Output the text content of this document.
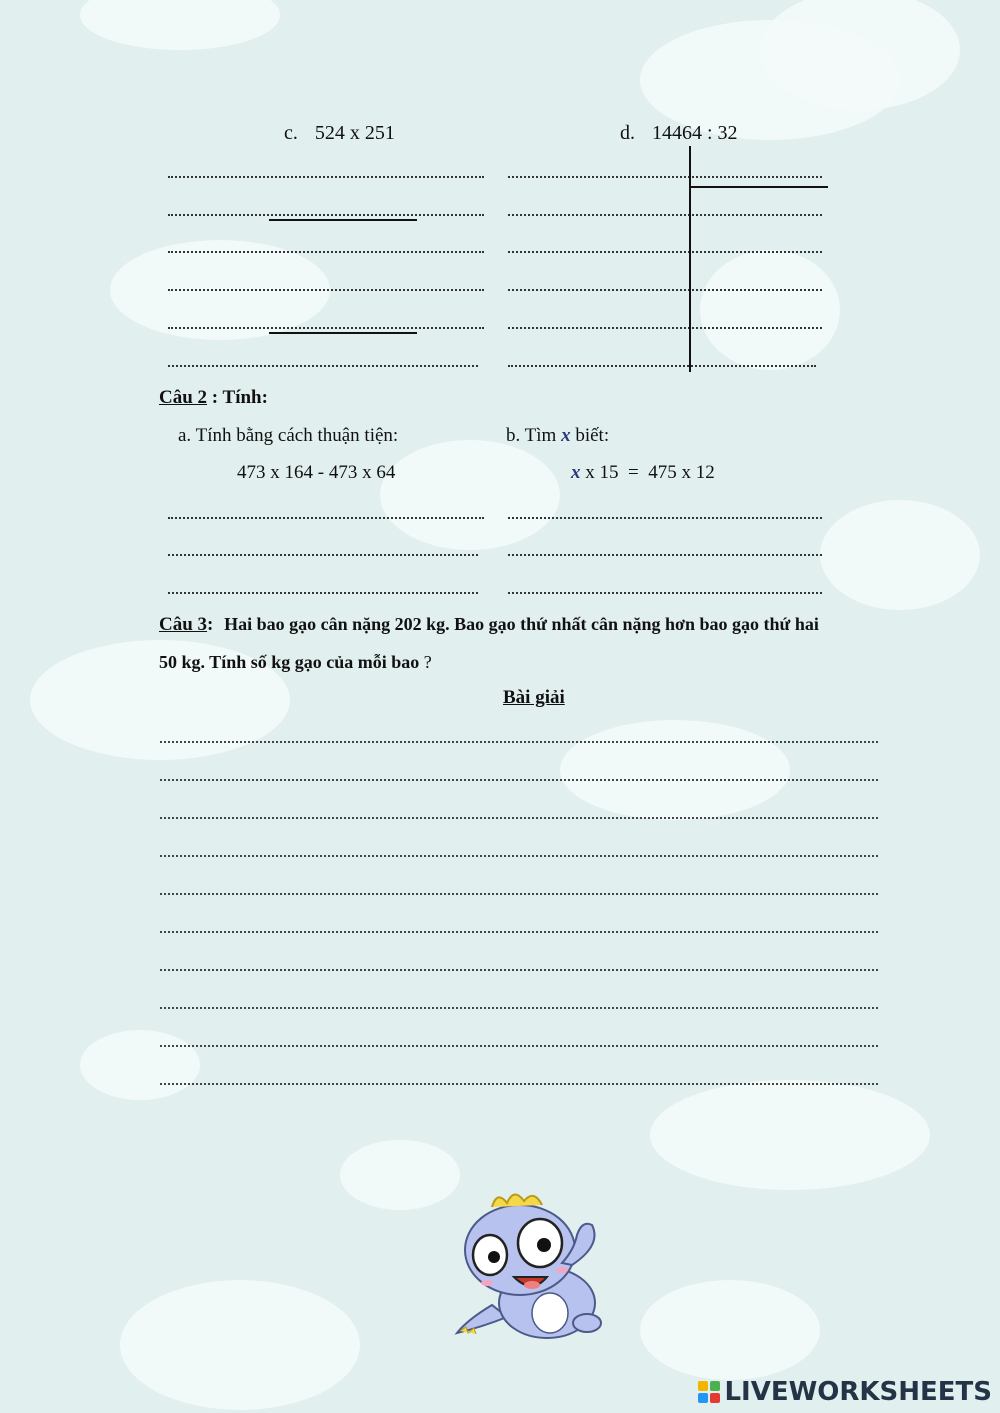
c. 524 x 251	d. 14464 : 32
Câu 2 : Tính:
a. Tính bằng cách thuận tiện:	b. Tìm x biết:
473 x 164 - 473 x 64	x x 15  =  475 x 12
Câu 3: Hai bao gạo cân nặng 202 kg. Bao gạo thứ nhất cân nặng hơn bao gạo thứ hai
50 kg. Tính số kg gạo của mỗi bao ?
Bài giải
LIVEWORKSHEETS
